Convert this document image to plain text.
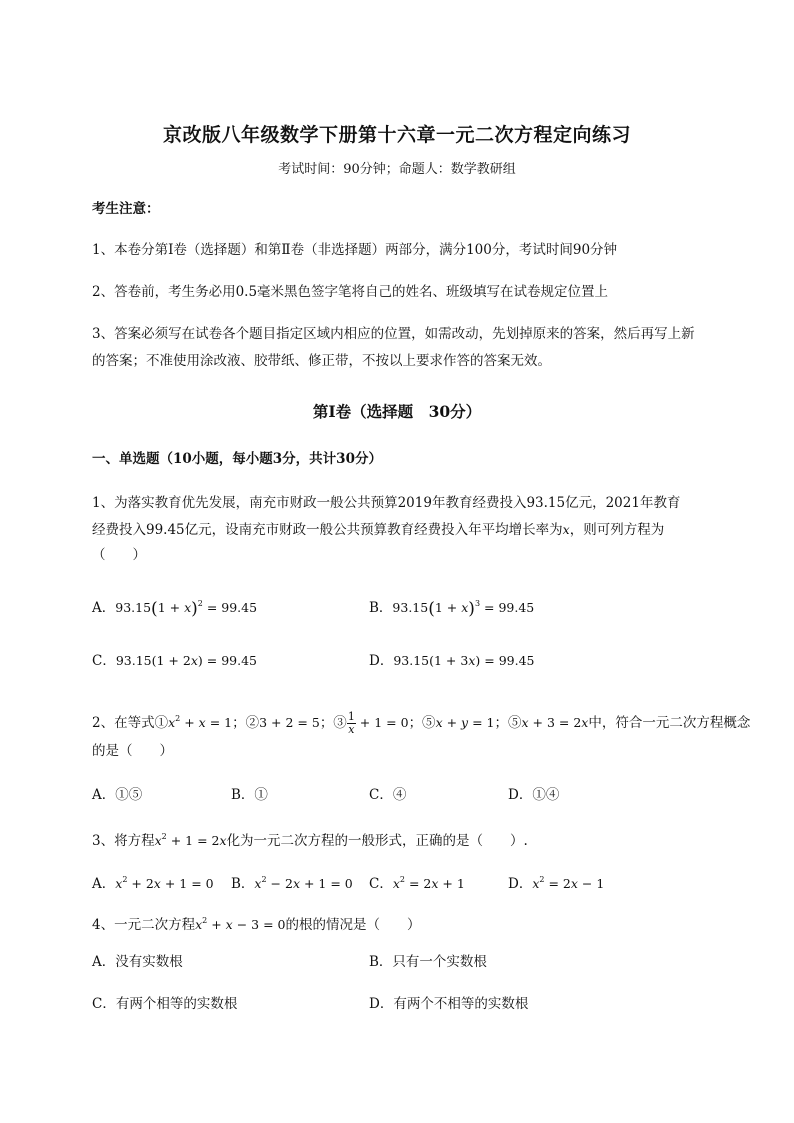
京改版八年级数学下册第十六章一元二次方程定向练习
考试时间：90分钟；命题人：数学教研组
考生注意：
1、本卷分第Ⅰ卷（选择题）和第Ⅱ卷（非选择题）两部分，满分100分，考试时间90分钟
2、答卷前，考生务必用0.5毫米黑色签字笔将自己的姓名、班级填写在试卷规定位置上
3、答案必须写在试卷各个题目指定区域内相应的位置，如需改动，先划掉原来的答案，然后再写上新
的答案；不准使用涂改液、胶带纸、修正带，不按以上要求作答的答案无效。
第Ⅰ卷（选择题　30分）
一、单选题（10小题，每小题3分，共计30分）
1、为落实教育优先发展，南充市财政一般公共预算2019年教育经费投入93.15亿元，2021年教育
经费投入99.45亿元，设南充市财政一般公共预算教育经费投入年平均增长率为x，则可列方程为
（　　）
A．$93.15(1 + x)^2 = 99.45$	B．$93.15(1 + x)^3 = 99.45$
C．93.15(1 + 2x) = 99.45	D．93.15(1 + 3x) = 99.45
2、在等式$①x^2 + x = 1$；②3 + 2 = 5；③ $\frac{1}{x} + 1 = 0$；⑤x + y = 1；⑤x + 3 = 2x中，符合一元二次方程概念
的是（　　）
A．①⑤	B．①	C．④	D．①④
3、将方程$x^2 + 1 = 2x$化为一元二次方程的一般形式，正确的是（　　）.
A．$x^2 + 2x + 1 = 0$ B．$x^2 - 2x + 1 = 0$ C．$x^2 = 2x + 1$	D．$x^2 = 2x - 1$
4、一元二次方程$x^2 + x - 3 = 0$的根的情况是（　　）
A．没有实数根	B．只有一个实数根
C．有两个相等的实数根	D．有两个不相等的实数根
